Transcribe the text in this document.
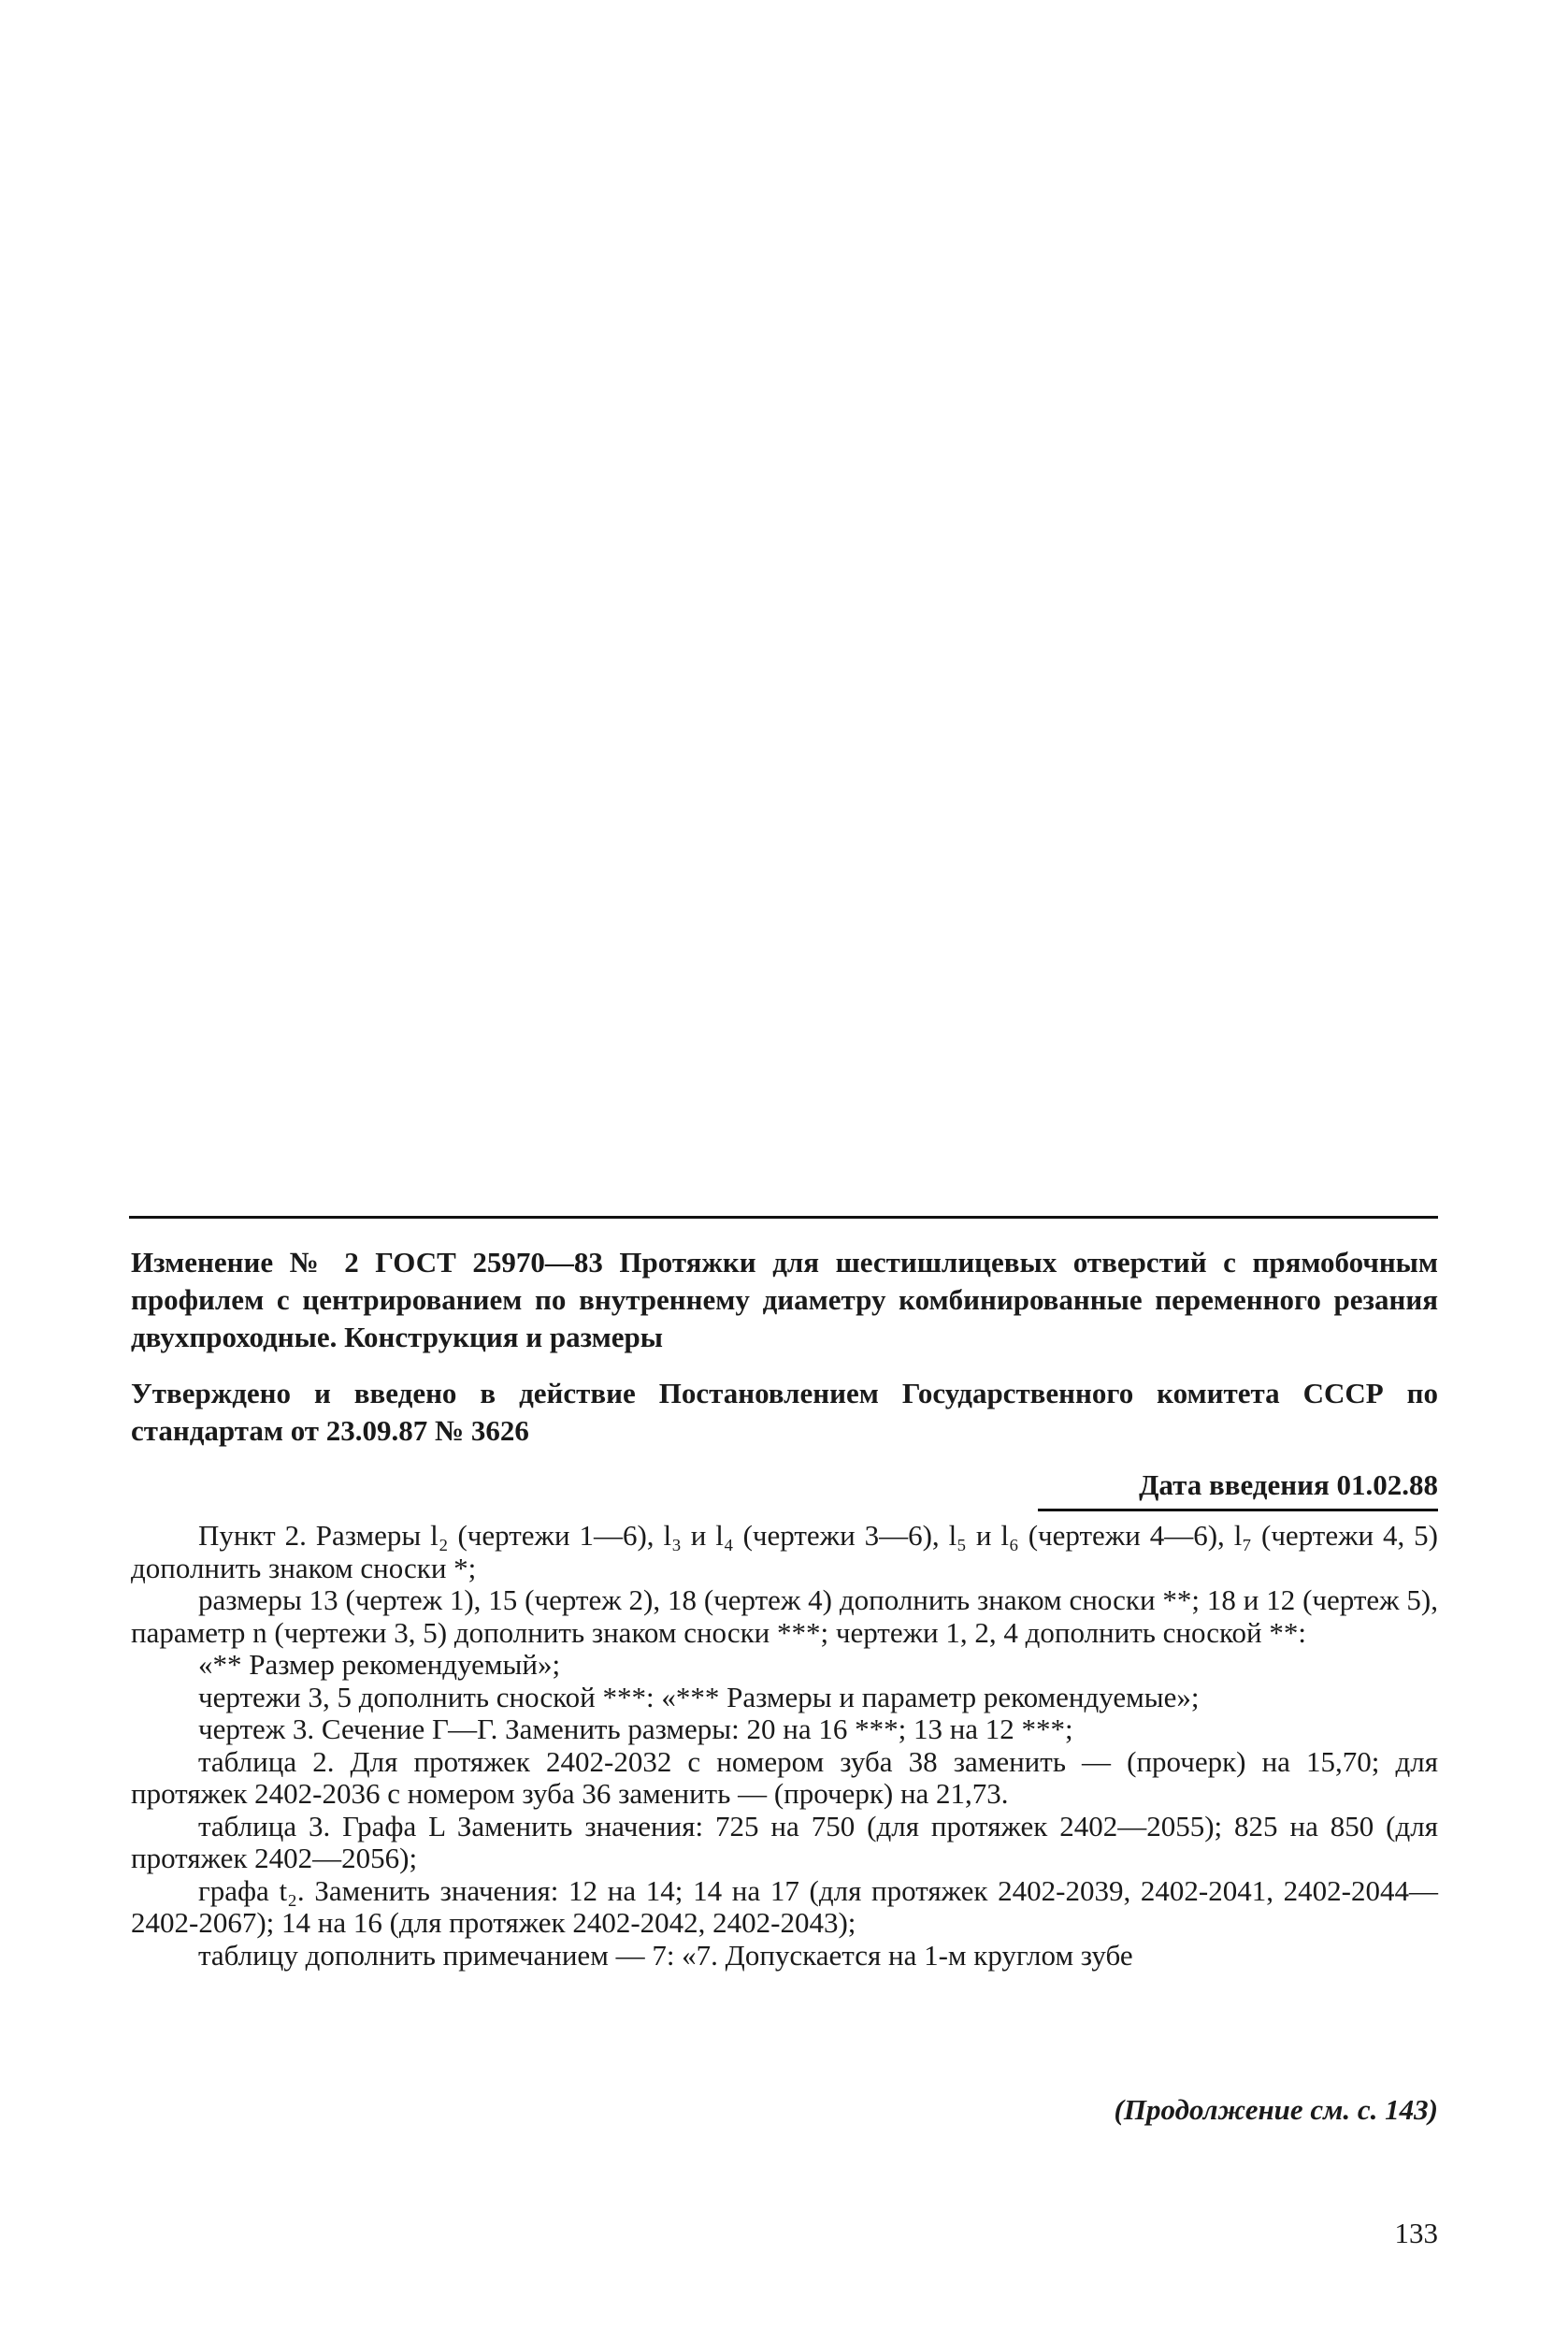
Изменение № 2 ГОСТ 25970—83 Протяжки для шестишлицевых отверстий с прямобочным профилем с центрированием по внутреннему диаметру комбинированные переменного резания двухпроходные. Конструкция и размеры

Утверждено и введено в действие Постановлением Государственного комитета СССР по стандартам от 23.09.87 № 3626

Дата введения 01.02.88

Пункт 2. Размеры l₂ (чертежи 1—6), l₃ и l₄ (чертежи 3—6), l₅ и l₆ (чертежи 4—6), l₇ (чертежи 4, 5) дополнить знаком сноски *;

размеры 13 (чертеж 1), 15 (чертеж 2), 18 (чертеж 4) дополнить знаком сноски **; 18 и 12 (чертеж 5), параметр n (чертежи 3, 5) дополнить знаком сноски ***; чертежи 1, 2, 4 дополнить сноской **:

«** Размер рекомендуемый»;

чертежи 3, 5 дополнить сноской ***: «*** Размеры и параметр рекомендуемые»;

чертеж 3. Сечение Г—Г. Заменить размеры: 20 на 16 ***; 13 на 12 ***;

таблица 2. Для протяжек 2402-2032 с номером зуба 38 заменить — (прочерк) на 15,70; для протяжек 2402-2036 с номером зуба 36 заменить — (прочерк) на 21,73.

таблица 3. Графа L Заменить значения: 725 на 750 (для протяжек 2402—2055); 825 на 850 (для протяжек 2402—2056);

графа t₂. Заменить значения: 12 на 14; 14 на 17 (для протяжек 2402-2039, 2402-2041, 2402-2044—2402-2067); 14 на 16 (для протяжек 2402-2042, 2402-2043);

таблицу дополнить примечанием — 7: «7. Допускается на 1-м круглом зубе

(Продолжение см. с. 143)

133
